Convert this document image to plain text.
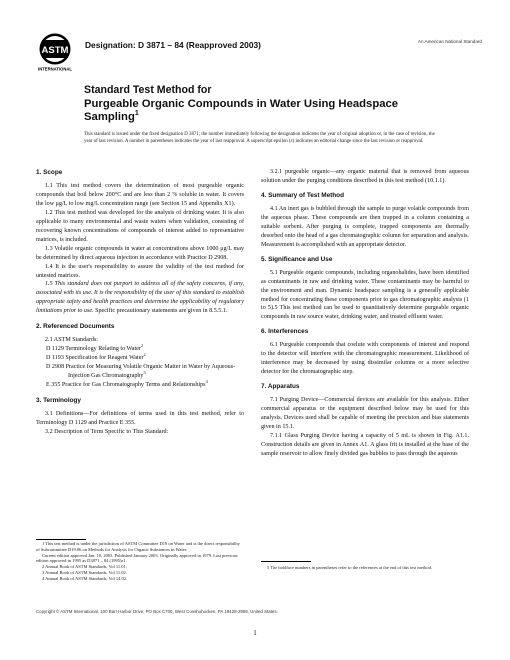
ASTM
INTERNATIONAL
Designation: D 3871 – 84 (Reapproved 2003)	An American National Standard
Standard Test Method for
Purgeable Organic Compounds in Water Using Headspace Sampling$^1$
This standard is issued under the fixed designation D 3871; the number immediately following the designation indicates the year of original adoption or, in the case of revision, the year of last revision. A number in parentheses indicates the year of last reapproval. A superscript epsilon (ε) indicates an editorial change since the last revision or reapproval.
1. Scope

1.1 This test method covers the determination of most purgeable organic compounds that boil below 200°C and are less than 2 % soluble in water. It covers the low μg/L to low mg/L concentration range (see Section 15 and Appendix X1).

1.2 This test method was developed for the analysis of drinking water. It is also applicable to many environmental and waste waters when validation, consisting of recovering known concentrations of compounds of interest added to representative matrices, is included.

1.3 Volatile organic compounds in water at concentrations above 1000 μg/L may be determined by direct aqueous injection in accordance with Practice D 2908.

1.4 It is the user's responsibility to assure the validity of the test method for untested matrices.

1.5 This standard does not purport to address all of the safety concerns, if any, associated with its use. It is the responsibility of the user of this standard to establish appropriate safety and health practices and determine the applicability of regulatory limitations prior to use. Specific precautionary statements are given in 8.5.5.1.

2. Referenced Documents

2.1 ASTM Standards:

D 1129 Terminology Relating to Water$^2$

D 1193 Specification for Reagent Water$^2$

D 2908 Practice for Measuring Volatile Organic Matter in Water by Aqueous-Injection Gas Chromatography$^3$

E 355 Practice for Gas Chromatography Terms and Relationships$^4$

3. Terminology

3.1 Definitions—For definitions of terms used in this test method, refer to Terminology D 1129 and Practice E 355.

3.2 Description of Term Specific to This Standard:

3.2.1 purgeable organic—any organic material that is removed from aqueous solution under the purging conditions described in this test method (10.1.1).

4. Summary of Test Method

4.1 An inert gas is bubbled through the sample to purge volatile compounds from the aqueous phase. These compounds are then trapped in a column containing a suitable sorbent. After purging is complete, trapped components are thermally desorbed onto the head of a gas chromatographic column for separation and analysis. Measurement is accomplished with an appropriate detector.

5. Significance and Use

5.1 Purgeable organic compounds, including organohalides, have been identified as contaminants in raw and drinking water. These contaminants may be harmful to the environment and man. Dynamic headspace sampling is a generally applicable method for concentrating these components prior to gas chromatographic analysis (1 to 5).5 This test method can be used to quantitatively determine purgeable organic compounds in raw source water, drinking water, and treated effluent water.

6. Interferences

6.1 Purgeable compounds that coelute with components of interest and respond to the detector will interfere with the chromatographic measurement. Likelihood of interference may be decreased by using dissimilar columns or a more selective detector for the chromatographic step.

7. Apparatus

7.1 Purging Device—Commercial devices are available for this analysis. Either commercial apparatus or the equipment described below may be used for this analysis. Devices used shall be capable of meeting the precision and bias statements given in 15.1.

7.1.1 Glass Purging Device having a capacity of 5 mL is shown in Fig. A1.1. Construction details are given in Annex A1. A glass frit is installed at the base of the sample reservoir to allow finely divided gas bubbles to pass through the aqueous

1 This test method is under the jurisdiction of ASTM Committee D19 on Water and is the direct responsibility of Subcommittee D19.06 on Methods for Analysis for Organic Substances in Water.

Current edition approved Jan. 10, 2003. Published January 2003. Originally approved in 1979. Last previous edition approved in 1995 as D3871 – 84 (1995)ε1.

2 Annual Book of ASTM Standards, Vol 11.01.

3 Annual Book of ASTM Standards, Vol 11.02.

4 Annual Book of ASTM Standards, Vol 14.02.

5 The boldface numbers in parentheses refer to the references at the end of this test method.

Copyright © ASTM International, 100 Barr Harbor Drive, PO Box C700, West Conshohocken, PA 19428-2959, United States.
1
